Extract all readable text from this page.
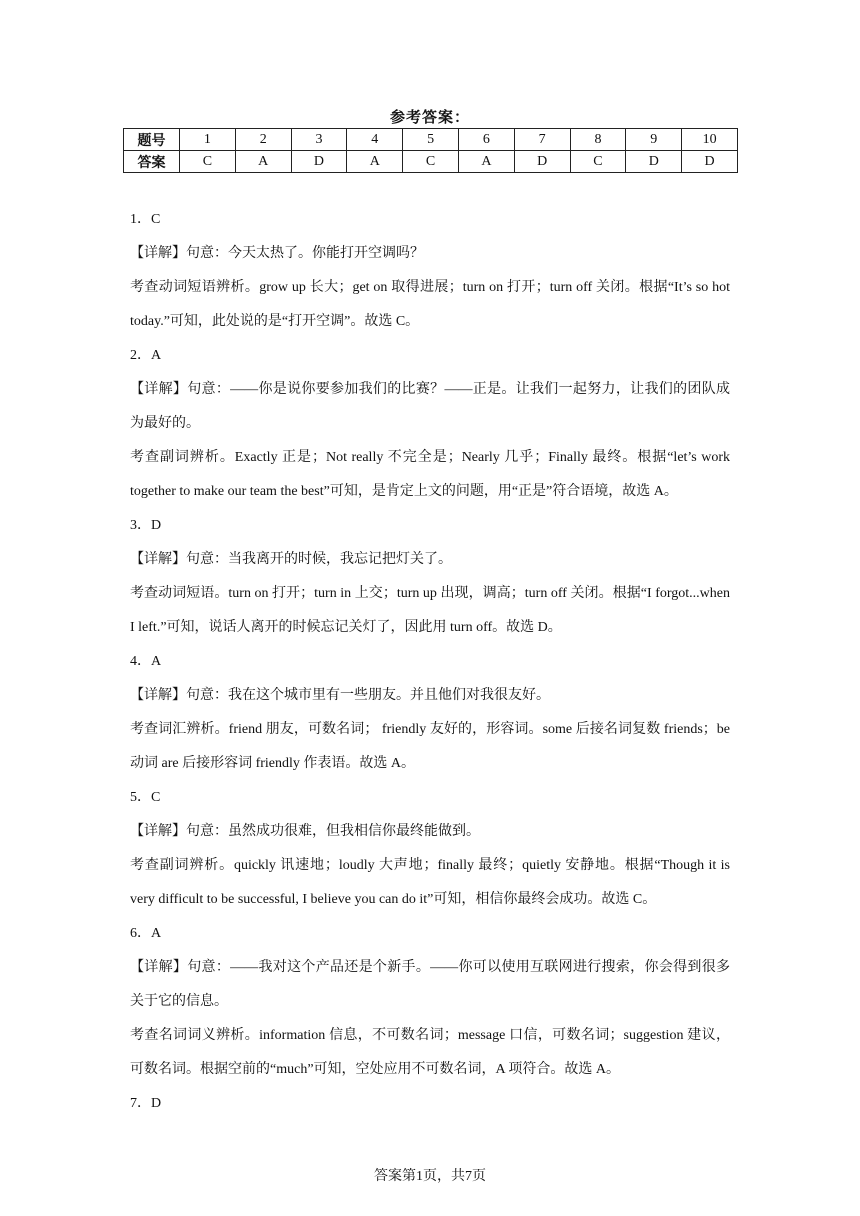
参考答案：
题号	1	2	3	4	5	6	7	8	9	10
答案	C	A	D	A	C	A	D	C	D	D

1．C

【详解】句意：今天太热了。你能打开空调吗？

考查动词短语辨析。grow up 长大；get on 取得进展；turn on 打开；turn off 关闭。根据“It’s so hot today.”可知，此处说的是“打开空调”。故选 C。

2．A

【详解】句意：——你是说你要参加我们的比赛？——正是。让我们一起努力，让我们的团队成为最好的。

考查副词辨析。Exactly 正是；Not really 不完全是；Nearly 几乎；Finally 最终。根据“let’s work together to make our team the best”可知，是肯定上文的问题，用“正是”符合语境，故选 A。

3．D

【详解】句意：当我离开的时候，我忘记把灯关了。

考查动词短语。turn on 打开；turn in 上交；turn up 出现，调高；turn off 关闭。根据“I forgot...when I left.”可知，说话人离开的时候忘记关灯了，因此用 turn off。故选 D。

4．A

【详解】句意：我在这个城市里有一些朋友。并且他们对我很友好。

考查词汇辨析。friend 朋友，可数名词； friendly 友好的，形容词。some 后接名词复数 friends；be 动词 are 后接形容词 friendly 作表语。故选 A。

5．C

【详解】句意：虽然成功很难，但我相信你最终能做到。

考查副词辨析。quickly 讯速地；loudly 大声地；finally 最终；quietly 安静地。根据“Though it is very difficult to be successful, I believe you can do it”可知，相信你最终会成功。故选 C。

6．A

【详解】句意：——我对这个产品还是个新手。——你可以使用互联网进行搜索，你会得到很多关于它的信息。

考查名词词义辨析。information 信息，不可数名词；message 口信，可数名词；suggestion 建议，可数名词。根据空前的“much”可知，空处应用不可数名词，A 项符合。故选 A。

7．D

答案第1页，共7页
